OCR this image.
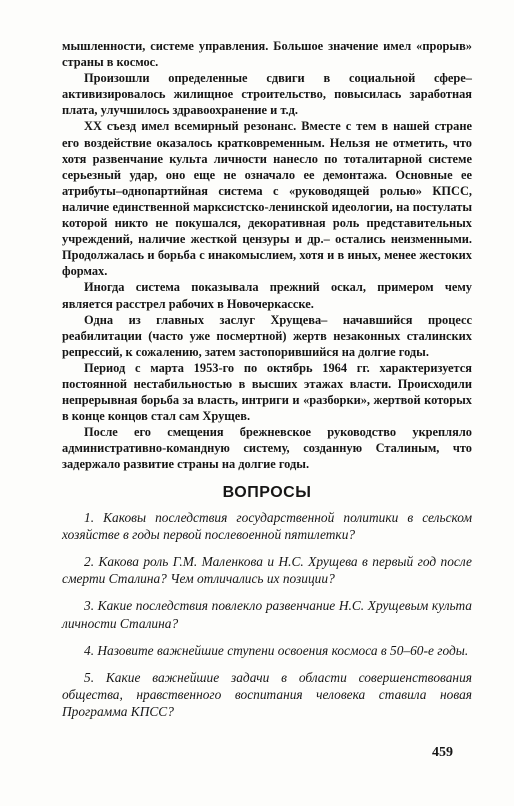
мышленности, системе управления. Большое значение имел «прорыв» страны в космос.

Произошли определенные сдвиги в социальной сфере– активизировалось жилищное строительство, повысилась заработная плата, улучшилось здравоохранение и т.д.

XX съезд имел всемирный резонанс. Вместе с тем в нашей стране его воздействие оказалось кратковременным. Нельзя не отметить, что хотя развенчание культа личности нанесло по тоталитарной системе серьезный удар, оно еще не означало ее демонтажа. Основные ее атрибуты–однопартийная система с «руководящей ролью» КПСС, наличие единственной марксистско-ленинской идеологии, на постулаты которой никто не покушался, декоративная роль представительных учреждений, наличие жесткой цензуры и др.– остались неизменными. Продолжалась и борьба с инакомыслием, хотя и в иных, менее жестоких формах.

Иногда система показывала прежний оскал, примером чему является расстрел рабочих в Новочеркасске.

Одна из главных заслуг Хрущева– начавшийся процесс реабилитации (часто уже посмертной) жертв незаконных сталинских репрессий, к сожалению, затем застопорившийся на долгие годы.

Период с марта 1953-го по октябрь 1964 гг. характеризуется постоянной нестабильностью в высших этажах власти. Происходили непрерывная борьба за власть, интриги и «разборки», жертвой которых в конце концов стал сам Хрущев.

После его смещения брежневское руководство укрепляло административно-командную систему, созданную Сталиным, что задержало развитие страны на долгие годы.

ВОПРОСЫ

1. Каковы последствия государственной политики в сельском хозяйстве в годы первой послевоенной пятилетки?

2. Какова роль Г.М. Маленкова и Н.С. Хрущева в первый год после смерти Сталина? Чем отличались их позиции?

3. Какие последствия повлекло развенчание Н.С. Хрущевым культа личности Сталина?

4. Назовите важнейшие ступени освоения космоса в 50–60-е годы.

5. Какие важнейшие задачи в области совершенствования общества, нравственного воспитания человека ставила новая Программа КПСС?

459
